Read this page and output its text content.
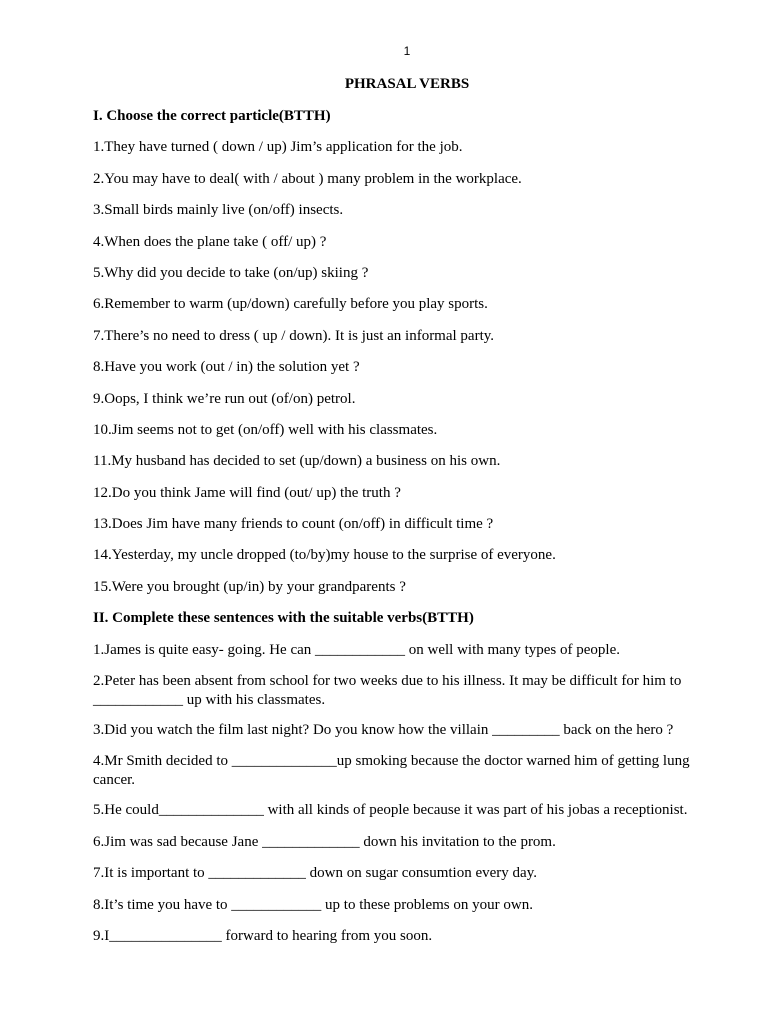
1
PHRASAL VERBS
I. Choose the correct particle(BTTH)
1.They have turned ( down / up) Jim’s application for the job.
2.You may have to deal( with / about ) many problem in the workplace.
3.Small birds mainly live (on/off) insects.
4.When does the plane take ( off/ up) ?
5.Why did you decide to take (on/up) skiing ?
6.Remember to warm (up/down) carefully before you play sports.
7.There’s no need to dress ( up / down). It is just an informal party.
8.Have you work (out / in) the solution yet ?
9.Oops, I think we’re run out (of/on) petrol.
10.Jim seems not to get (on/off) well with his classmates.
11.My husband has decided to set (up/down) a business on his own.
12.Do you think Jame will find (out/ up) the truth ?
13.Does Jim have many friends to count (on/off) in difficult time ?
14.Yesterday, my uncle dropped (to/by)my house to the surprise of everyone.
15.Were you brought (up/in) by your grandparents ?
II. Complete these sentences with the suitable verbs(BTTH)
1.James is quite easy- going. He can ____________ on well with many types of people.
2.Peter has been absent from school for two weeks due to his illness. It may be difficult for him to ____________ up with his classmates.
3.Did you watch the film last night? Do you know how the villain _________ back on the hero ?
4.Mr Smith decided to ______________up smoking because the doctor warned him of getting lung cancer.
5.He could______________ with all kinds of people because it was part of his jobas a receptionist.
6.Jim was sad because Jane _____________ down his invitation to the prom.
7.It is important to _____________ down on sugar consumtion every day.
8.It’s time you have to ____________ up to these problems on your own.
9.I_______________ forward to hearing from you soon.
